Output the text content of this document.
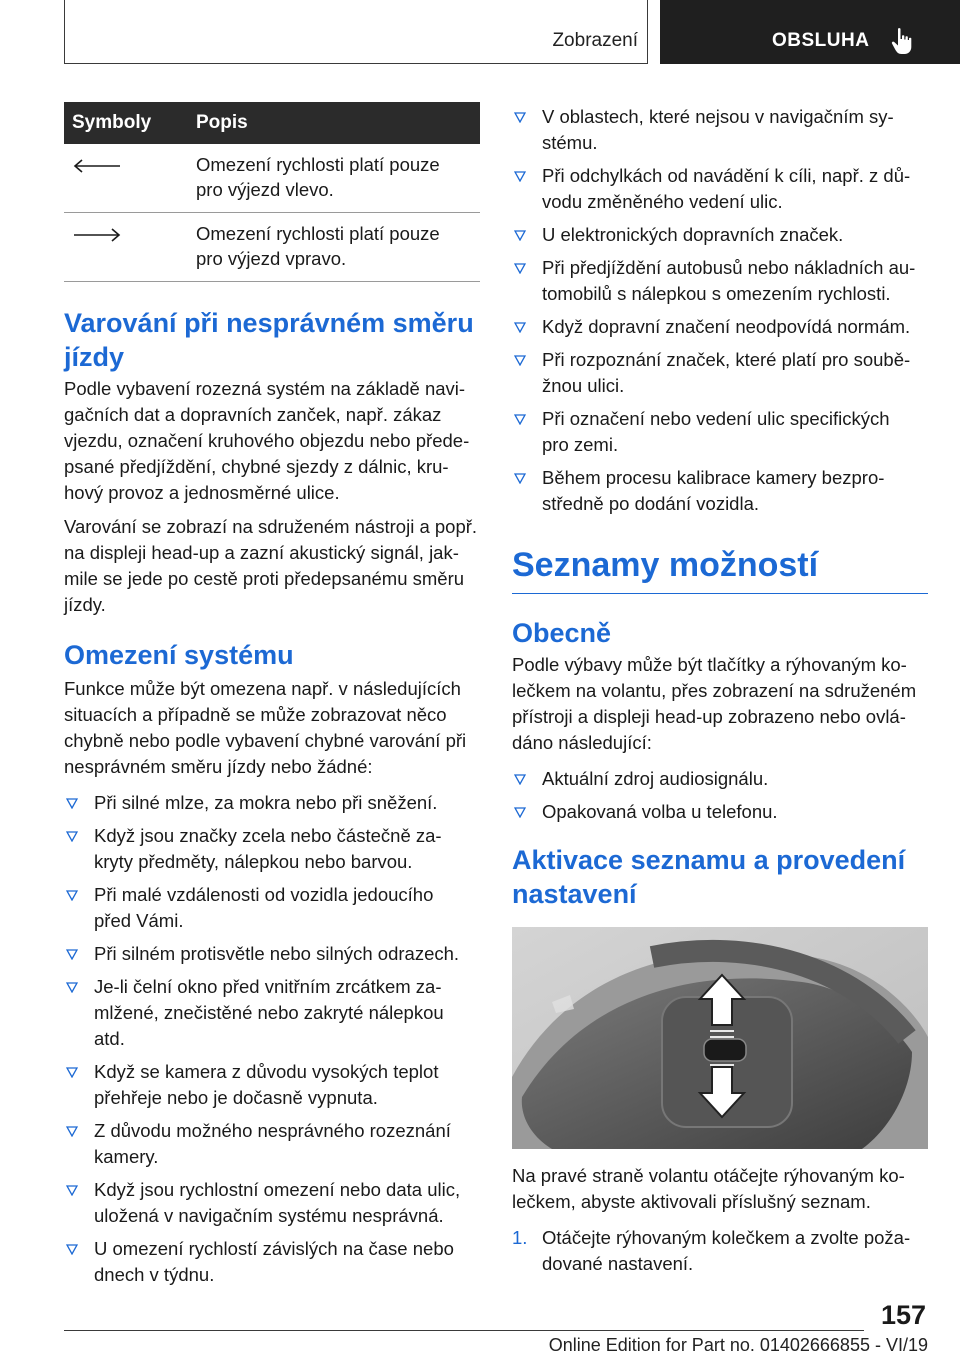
Zobrazení	OBSLUHA
Symboly	Popis

	Omezení rychlosti platí pouze
pro výjezd vlevo.

	Omezení rychlosti platí pouze
pro výjezd vpravo.
Varování při nesprávném směru
jízdy

Podle vybavení rozezná systém na základě navi‐
gačních dat a dopravních zanček, např. zákaz
vjezdu, označení kruhového objezdu nebo přede‐
psané předjíždění, chybné sjezdy z dálnic, kru‐
hový provoz a jednosměrné ulice.

Varování se zobrazí na sdruženém nástroji a popř.
na displeji head-up a zazní akustický signál, jak‐
mile se jede po cestě proti předepsanému směru
jízdy.

Omezení systému

Funkce může být omezena např. v následujících
situacích a případně se může zobrazovat něco
chybně nebo podle vybavení chybné varování při
nesprávném směru jízdy nebo žádné:

Při silné mlze, za mokra nebo při sněžení.
Když jsou značky zcela nebo částečně za‐
kryty předměty, nálepkou nebo barvou.
Při malé vzdálenosti od vozidla jedoucího
před Vámi.
Při silném protisvětle nebo silných odrazech.
Je-li čelní okno před vnitřním zrcátkem za‐
mlžené, znečistěné nebo zakryté nálepkou
atd.
Když se kamera z důvodu vysokých teplot
přehřeje nebo je dočasně vypnuta.
Z důvodu možného nesprávného rozeznání
kamery.
Když jsou rychlostní omezení nebo data ulic,
uložená v navigačním systému nesprávná.
U omezení rychlostí závislých na čase nebo
dnech v týdnu.
V oblastech, které nejsou v navigačním sy‐
stému.
Při odchylkách od navádění k cíli, např. z dů‐
vodu změněného vedení ulic.
U elektronických dopravních značek.
Při předjíždění autobusů nebo nákladních au‐
tomobilů s nálepkou s omezením rychlosti.
Když dopravní značení neodpovídá normám.
Při rozpoznání značek, které platí pro soubě‐
žnou ulici.
Při označení nebo vedení ulic specifických
pro zemi.
Během procesu kalibrace kamery bezpro‐
středně po dodání vozidla.
Seznamy možností
Obecně

Podle výbavy může být tlačítky a rýhovaným ko‐
lečkem na volantu, přes zobrazení na sdruženém
přístroji a displeji head-up zobrazeno nebo ovlá‐
dáno následující:

Aktuální zdroj audiosignálu.
Opakovaná volba u telefonu.
Aktivace seznamu a provedení
nastavení

Na pravé straně volantu otáčejte rýhovaným ko‐
lečkem, abyste aktivovali příslušný seznam.

1. Otáčejte rýhovaným kolečkem a zvolte poža‐
dované nastavení.
157
Online Edition for Part no. 01402666855 - VI/19
